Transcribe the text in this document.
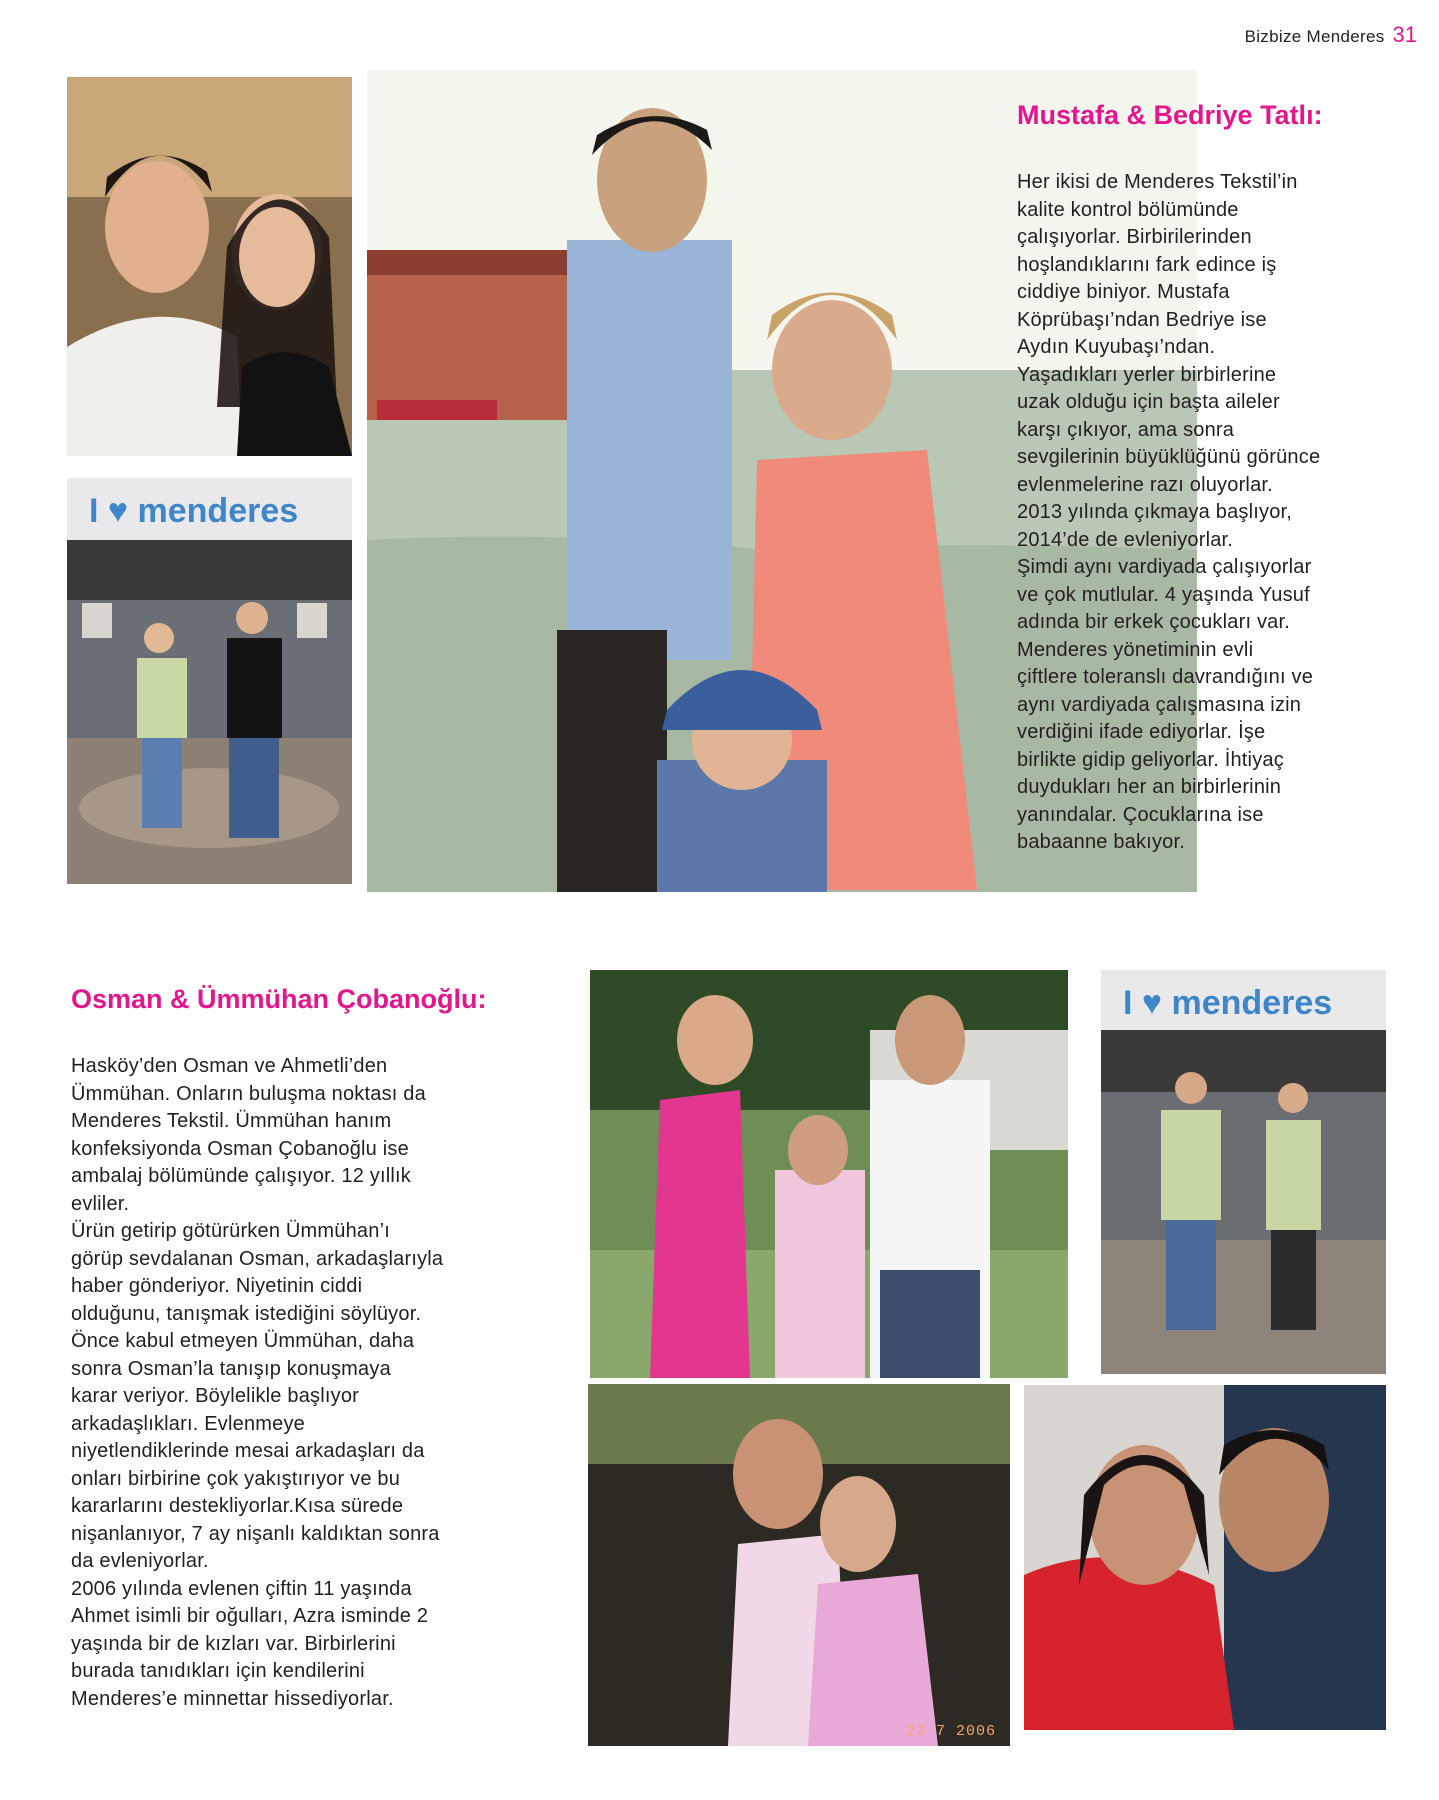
Bizbize Menderes 31
I ♥ menderes
Mustafa & Bedriye Tatlı:

Her ikisi de Menderes Tekstil’in
kalite kontrol bölümünde
çalışıyorlar. Birbirilerinden
hoşlandıklarını fark edince iş
ciddiye biniyor. Mustafa
Köprübaşı’ndan Bedriye ise
Aydın Kuyubaşı’ndan.
Yaşadıkları yerler birbirlerine
uzak olduğu için başta aileler
karşı çıkıyor, ama sonra
sevgilerinin büyüklüğünü görünce
evlenmelerine razı oluyorlar.
2013 yılında çıkmaya başlıyor,
2014’de de evleniyorlar.
Şimdi aynı vardiyada çalışıyorlar
ve çok mutlular. 4 yaşında Yusuf
adında bir erkek çocukları var.
Menderes yönetiminin evli
çiftlere toleranslı davrandığını ve
aynı vardiyada çalışmasına izin
verdiğini ifade ediyorlar. İşe
birlikte gidip geliyorlar. İhtiyaç
duydukları her an birbirlerinin
yanındalar. Çocuklarına ise
babaanne bakıyor.

Osman & Ümmühan Çobanoğlu:

Hasköy’den Osman ve Ahmetli’den
Ümmühan. Onların buluşma noktası da
Menderes Tekstil. Ümmühan hanım
konfeksiyonda Osman Çobanoğlu ise
ambalaj bölümünde çalışıyor. 12 yıllık
evliler.
Ürün getirip götürürken Ümmühan’ı
görüp sevdalanan Osman, arkadaşlarıyla
haber gönderiyor. Niyetinin ciddi
olduğunu, tanışmak istediğini söylüyor.
Önce kabul etmeyen Ümmühan, daha
sonra Osman’la tanışıp konuşmaya
karar veriyor. Böylelikle başlıyor
arkadaşlıkları. Evlenmeye
niyetlendiklerinde mesai arkadaşları da
onları birbirine çok yakıştırıyor ve bu
kararlarını destekliyorlar.Kısa sürede
nişanlanıyor, 7 ay nişanlı kaldıktan sonra
da evleniyorlar.
2006 yılında evlenen çiftin 11 yaşında
Ahmet isimli bir oğulları, Azra isminde 2
yaşında bir de kızları var. Birbirlerini
burada tanıdıkları için kendilerini
Menderes’e minnettar hissediyorlar.

I ♥ menderes
23 7 2006
